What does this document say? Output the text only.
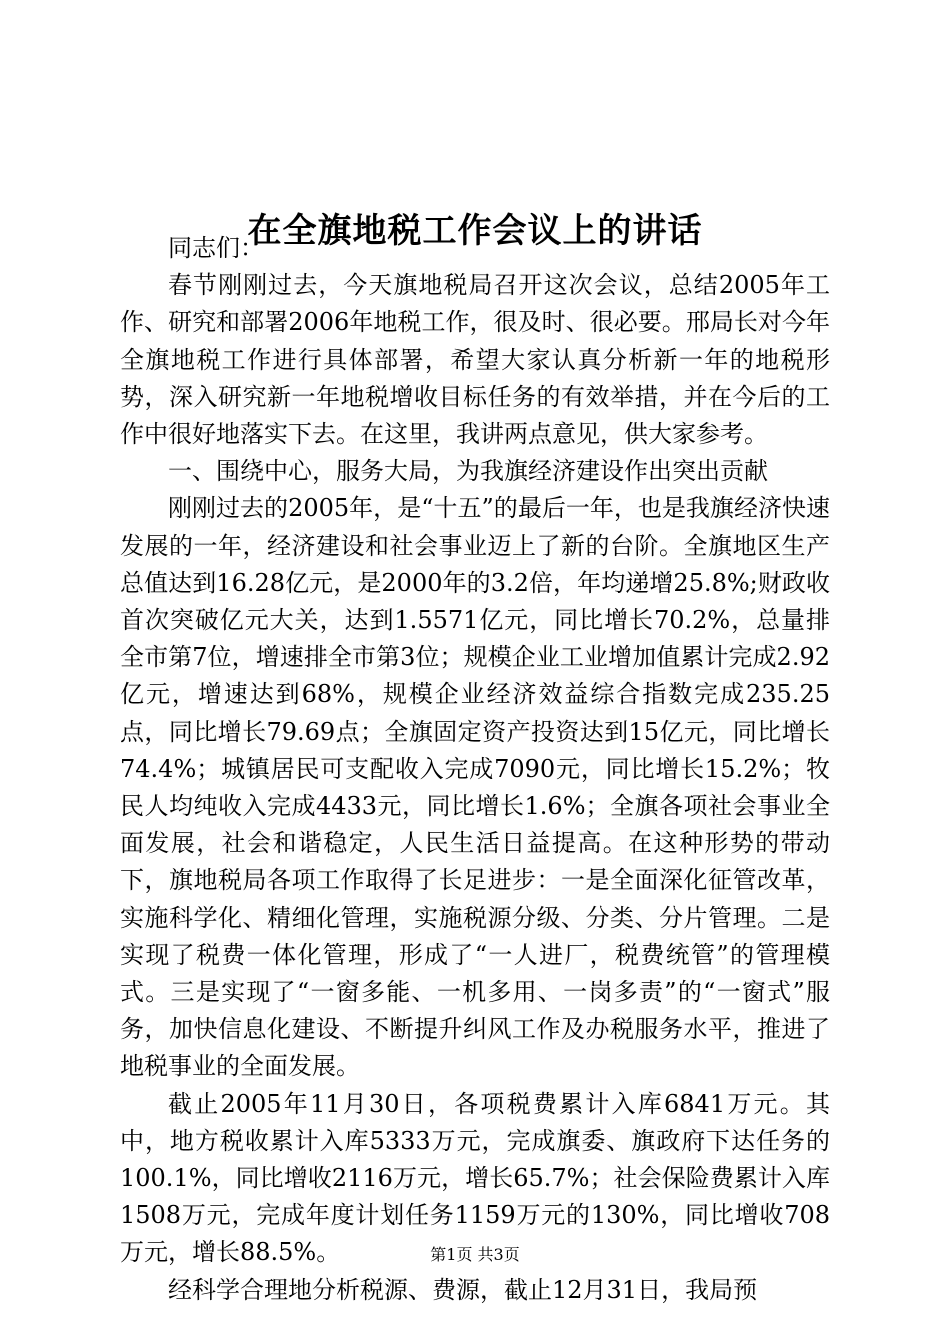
在全旗地税工作会议上的讲话

同志们：

春节刚刚过去，今天旗地税局召开这次会议，总结2005年工作、研究和部署2006年地税工作，很及时、很必要。邢局长对今年全旗地税工作进行具体部署，希望大家认真分析新一年的地税形势，深入研究新一年地税增收目标任务的有效举措，并在今后的工作中很好地落实下去。在这里，我讲两点意见，供大家参考。

一、围绕中心，服务大局，为我旗经济建设作出突出贡献

刚刚过去的2005年，是“十五”的最后一年，也是我旗经济快速发展的一年，经济建设和社会事业迈上了新的台阶。全旗地区生产总值达到16.28亿元，是2000年的3.2倍，年均递增25.8%;财政收首次突破亿元大关，达到1.5571亿元，同比增长70.2%，总量排全市第7位，增速排全市第3位；规模企业工业增加值累计完成2.92亿元，增速达到68%，规模企业经济效益综合指数完成235.25点，同比增长79.69点；全旗固定资产投资达到15亿元，同比增长74.4%；城镇居民可支配收入完成7090元，同比增长15.2%；牧民人均纯收入完成4433元，同比增长1.6%；全旗各项社会事业全面发展，社会和谐稳定，人民生活日益提高。在这种形势的带动下，旗地税局各项工作取得了长足进步：一是全面深化征管改革，实施科学化、精细化管理，实施税源分级、分类、分片管理。二是实现了税费一体化管理，形成了“一人进厂，税费统管”的管理模式。三是实现了“一窗多能、一机多用、一岗多责”的“一窗式”服务，加快信息化建设、不断提升纠风工作及办税服务水平，推进了地税事业的全面发展。

截止2005年11月30日，各项税费累计入库6841万元。其中，地方税收累计入库5333万元，完成旗委、旗政府下达任务的100.1%，同比增收2116万元，增长65.7%；社会保险费累计入库1508万元，完成年度计划任务1159万元的130%，同比增收708万元，增长88.5%。

经科学合理地分析税源、费源，截止12月31日，我局预

第1页 共3页
